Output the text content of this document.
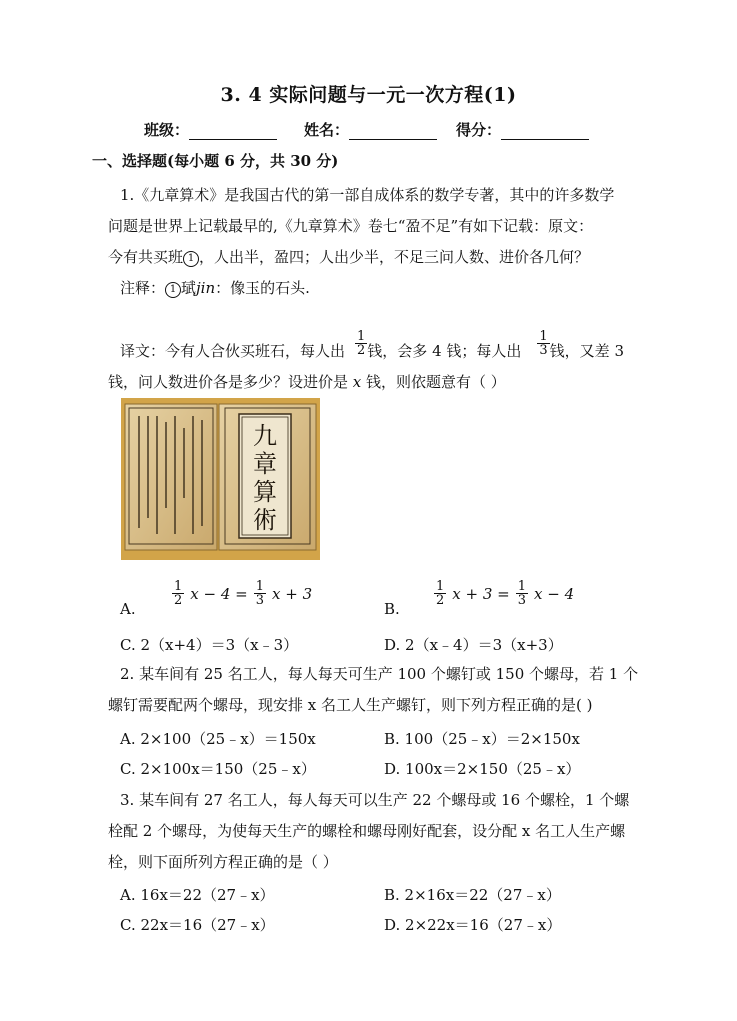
3. 4 实际问题与一元一次方程(1)
班级：	姓名：	得分：
一、选择题(每小题 6 分，共 30 分)
1.《九章算术》是我国古代的第一部自成体系的数学专著，其中的许多数学
问题是世界上记载最早的,《九章算术》卷七“盈不足”有如下记载：原文：
今有共买班 1 ，人出半，盈四；人出少半，不足三问人数、进价各几何？
注释： 1 珷jin：像玉的石头.
译文：今有人合伙买班石，每人出 $\frac{1}{2}$ 钱，会多 4 钱；每人出 $\frac{1}{3}$ 钱，又差 3
钱，问人数进价各是多少？设进价是 x 钱，则依题意有（ ）
九
章
算
術
A.
$\frac{1}{2}$ $x - 4 = \frac{1}{3}$ x + 3
B.
$\frac{1}{2}$ $x + 3 = \frac{1}{3}$ x − 4
C. 2（x+4）＝3（x﹣3）	D. 2（x﹣4）＝3（x+3）
2. 某车间有 25 名工人，每人每天可生产 100 个螺钉或 150 个螺母，若 1 个
螺钉需要配两个螺母，现安排 x 名工人生产螺钉，则下列方程正确的是( )
A. 2×100（25﹣x）＝150x	B. 100（25﹣x）＝2×150x
C. 2×100x＝150（25﹣x）	D. 100x＝2×150（25﹣x）
3. 某车间有 27 名工人，每人每天可以生产 22 个螺母或 16 个螺栓，1 个螺
栓配 2 个螺母，为使每天生产的螺栓和螺母刚好配套，设分配 x 名工人生产螺
栓，则下面所列方程正确的是（ ）
A. 16x＝22（27﹣x）	B. 2×16x＝22（27﹣x）
C. 22x＝16（27﹣x）	D. 2×22x＝16（27﹣x）
